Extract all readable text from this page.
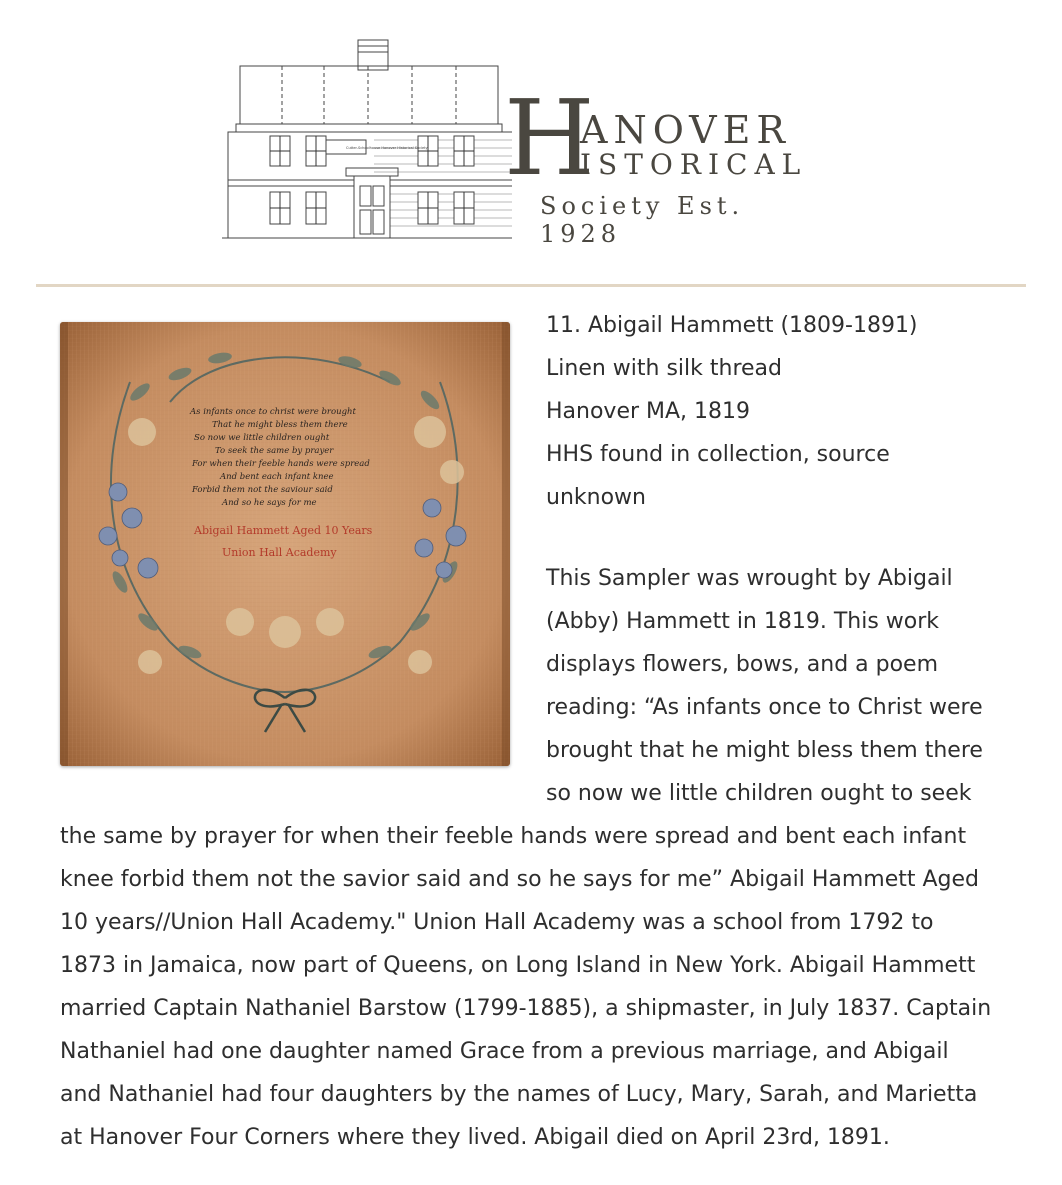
Cutter-Schoolhouse Hanover Historical Society H
ANOVER
ISTORICAL
Society Est. 1928
As infants once to christ were brought
That he might bless them there
So now we little children ought
To seek the same by prayer
For when their feeble hands were spread
And bent each infant knee
Forbid them not the saviour said
And so he says for me
Abigail Hammett Aged 10 Years
Union Hall Academy
11. Abigail Hammett (1809-1891)
Linen with silk thread
Hanover MA, 1819
HHS found in collection, source
unknown
This Sampler was wrought by Abigail
(Abby) Hammett in 1819. This work
displays flowers, bows, and a poem
reading: “As infants once to Christ were
brought that he might bless them there
so now we little children ought to seek
the same by prayer for when their feeble hands were spread and bent each infant
knee forbid them not the savior said and so he says for me” Abigail Hammett Aged
10 years//Union Hall Academy." Union Hall Academy was a school from 1792 to
1873 in Jamaica, now part of Queens, on Long Island in New York. Abigail Hammett
married Captain Nathaniel Barstow (1799-1885), a shipmaster, in July 1837. Captain
Nathaniel had one daughter named Grace from a previous marriage, and Abigail
and Nathaniel had four daughters by the names of Lucy, Mary, Sarah, and Marietta
at Hanover Four Corners where they lived. Abigail died on April 23rd, 1891.
